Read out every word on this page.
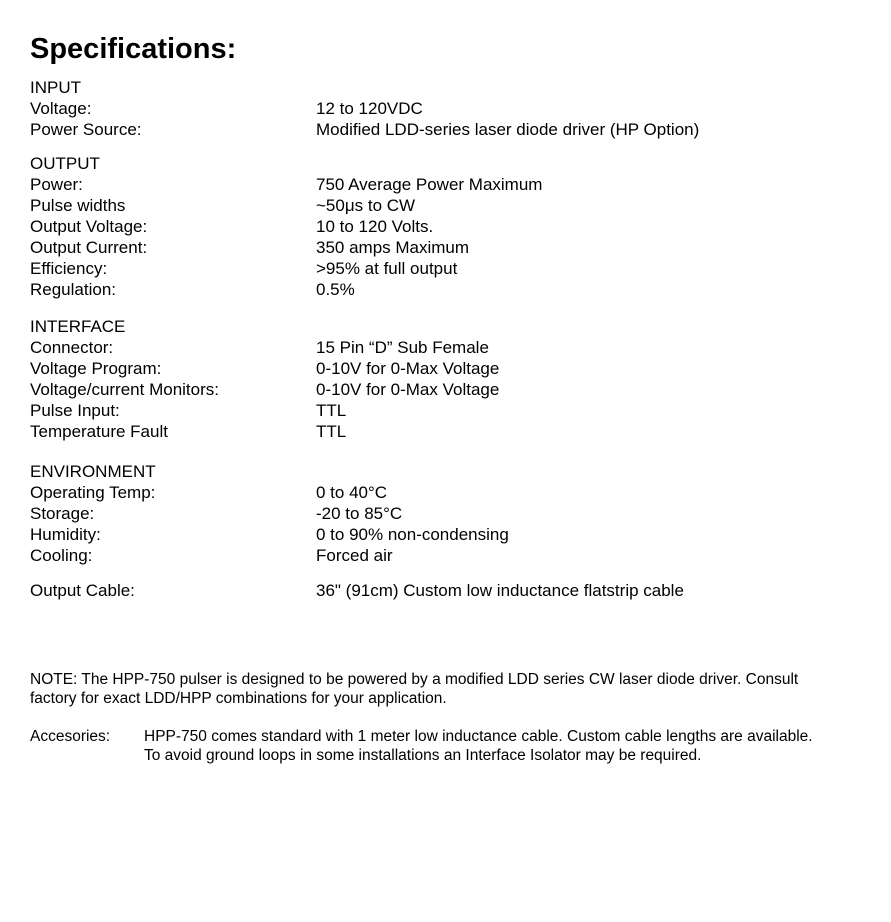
Specifications:
INPUT
Voltage:	12 to 120VDC
Power Source:	Modified LDD-series laser diode driver (HP Option)
OUTPUT
Power:	750 Average Power Maximum
Pulse widths	~50μs to CW
Output Voltage:	10 to 120 Volts.
Output Current:	350 amps Maximum
Efficiency:	>95% at full output
Regulation:	0.5%
INTERFACE
Connector:	15 Pin “D” Sub Female
Voltage Program:	0-10V for 0-Max Voltage
Voltage/current Monitors:	0-10V for 0-Max Voltage
Pulse Input:	TTL
Temperature Fault	TTL
ENVIRONMENT
Operating Temp:	0 to 40°C
Storage:	-20 to 85°C
Humidity:	0 to 90% non-condensing
Cooling:	Forced air
Output Cable:	36" (91cm) Custom low inductance flatstrip cable
NOTE: The HPP-750 pulser is designed to be powered by a modified LDD series CW laser diode driver. Consult
factory for exact LDD/HPP combinations for your application.
Accesories: HPP-750 comes standard with 1 meter low inductance cable. Custom cable lengths are available.
To avoid ground loops in some installations an Interface Isolator may be required.
